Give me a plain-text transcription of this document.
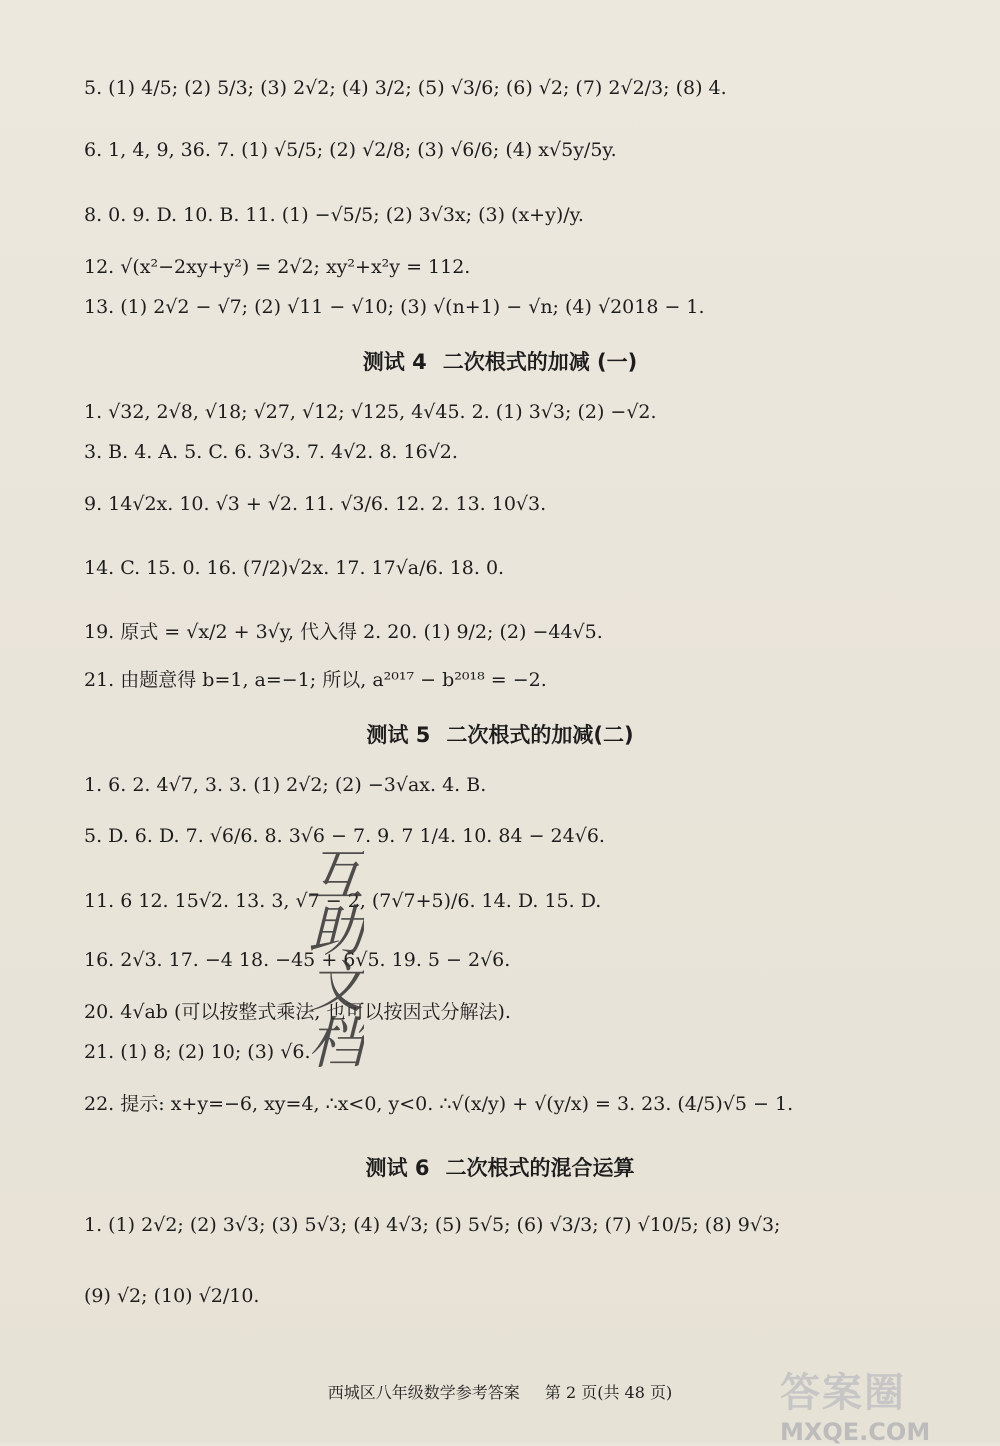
5. (1) 4/5; (2) 5/3; (3) 2√2; (4) 3/2; (5) √3/6; (6) √2; (7) 2√2/3; (8) 4.
6. 1, 4, 9, 36. 7. (1) √5/5; (2) √2/8; (3) √6/6; (4) x√5y/5y.
8. 0. 9. D. 10. B. 11. (1) −√5/5; (2) 3√3x; (3) (x+y)/y.
12. √(x²−2xy+y²) = 2√2; xy²+x²y = 112.
13. (1) 2√2 − √7; (2) √11 − √10; (3) √(n+1) − √n; (4) √2018 − 1.
测试 4 二次根式的加减 (一)
1. √32, 2√8, √18; √27, √12; √125, 4√45. 2. (1) 3√3; (2) −√2.
3. B. 4. A. 5. C. 6. 3√3. 7. 4√2. 8. 16√2.
9. 14√2x. 10. √3 + √2. 11. √3/6. 12. 2. 13. 10√3.
14. C. 15. 0. 16. (7/2)√2x. 17. 17√a/6. 18. 0.
19. 原式 = √x/2 + 3√y, 代入得 2. 20. (1) 9/2; (2) −44√5.
21. 由题意得 b=1, a=−1; 所以, a²⁰¹⁷ − b²⁰¹⁸ = −2.
测试 5 二次根式的加减(二)
1. 6. 2. 4√7, 3. 3. (1) 2√2; (2) −3√ax. 4. B.
5. D. 6. D. 7. √6/6. 8. 3√6 − 7. 9. 7 1/4. 10. 84 − 24√6.
11. 6 12. 15√2. 13. 3, √7 − 2, (7√7+5)/6. 14. D. 15. D.
16. 2√3. 17. −4 18. −45 + 6√5. 19. 5 − 2√6.
20. 4√ab (可以按整式乘法, 也可以按因式分解法).
21. (1) 8; (2) 10; (3) √6.
22. 提示: x+y=−6, xy=4, ∴x<0, y<0. ∴√(x/y) + √(y/x) = 3. 23. (4/5)√5 − 1.
测试 6 二次根式的混合运算
1. (1) 2√2; (2) 3√3; (3) 5√3; (4) 4√3; (5) 5√5; (6) √3/3; (7) √10/5; (8) 9√3;
(9) √2; (10) √2/10.
互助文档
西城区八年级数学参考答案 第 2 页(共 48 页)	答案圈
MXQE.COM
